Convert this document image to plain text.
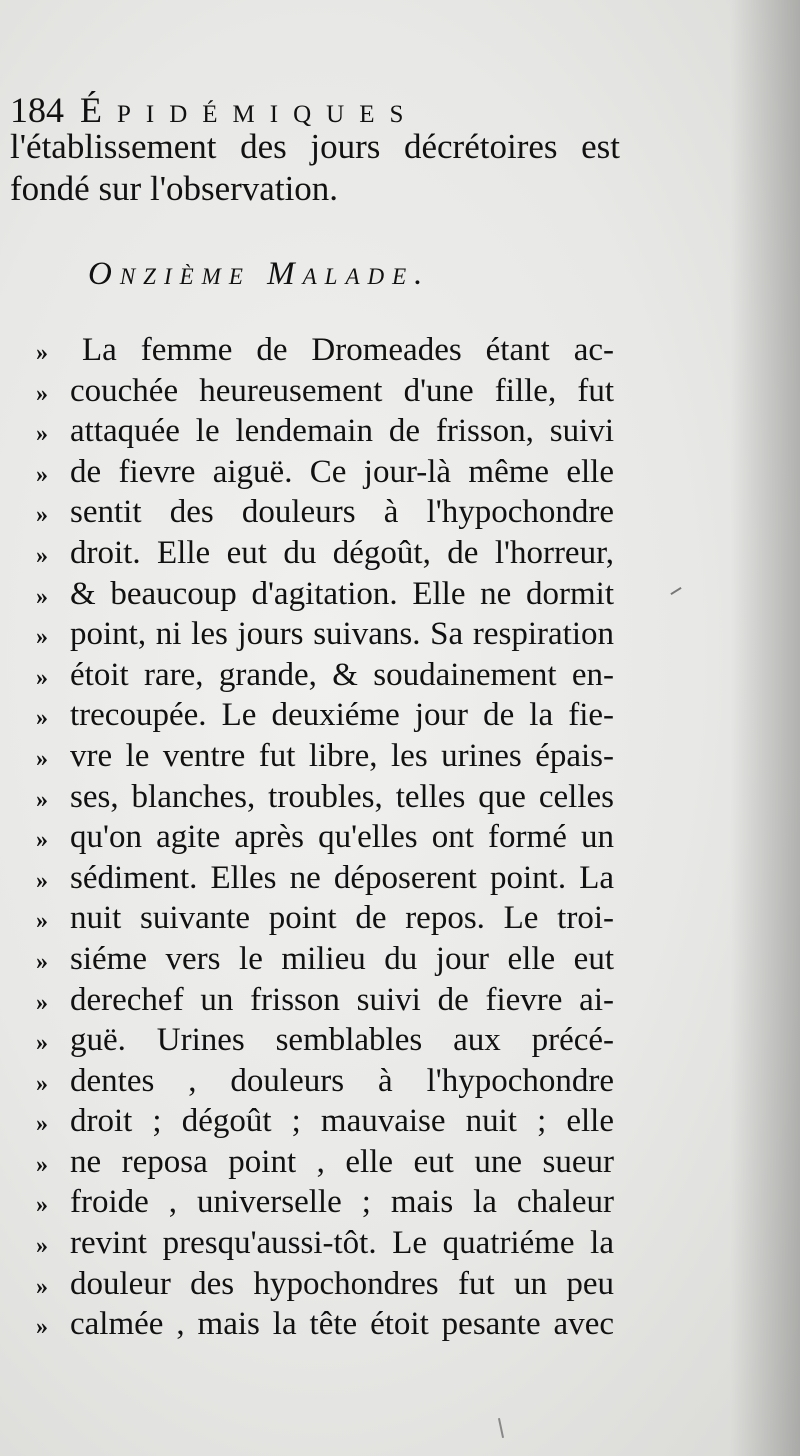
184 Épidémiques
l'établissement des jours décrétoires est
fondé sur l'observation.
Onzième Malade.
»	La femme de Dromeades étant ac-
» couchée heureusement d'une fille, fut
» attaquée le lendemain de frisson, suivi
» de fievre aiguë. Ce jour-là même elle
» sentit des douleurs à l'hypochondre
» droit. Elle eut du dégoût, de l'horreur,
» & beaucoup d'agitation. Elle ne dormit
» point, ni les jours suivans. Sa respiration
» étoit rare, grande, & soudainement en-
» trecoupée. Le deuxiéme jour de la fie-
» vre le ventre fut libre, les urines épais-
» ses, blanches, troubles, telles que celles
» qu'on agite après qu'elles ont formé un
» sédiment. Elles ne déposerent point. La
» nuit suivante point de repos. Le troi-
» siéme vers le milieu du jour elle eut
» derechef un frisson suivi de fievre ai-
» guë. Urines semblables aux précé-
» dentes , douleurs à l'hypochondre
» droit ; dégoût ; mauvaise nuit ; elle
» ne reposa point , elle eut une sueur
» froide , universelle ; mais la chaleur
» revint presqu'aussi-tôt. Le quatriéme la
» douleur des hypochondres fut un peu
» calmée , mais la tête étoit pesante avec
